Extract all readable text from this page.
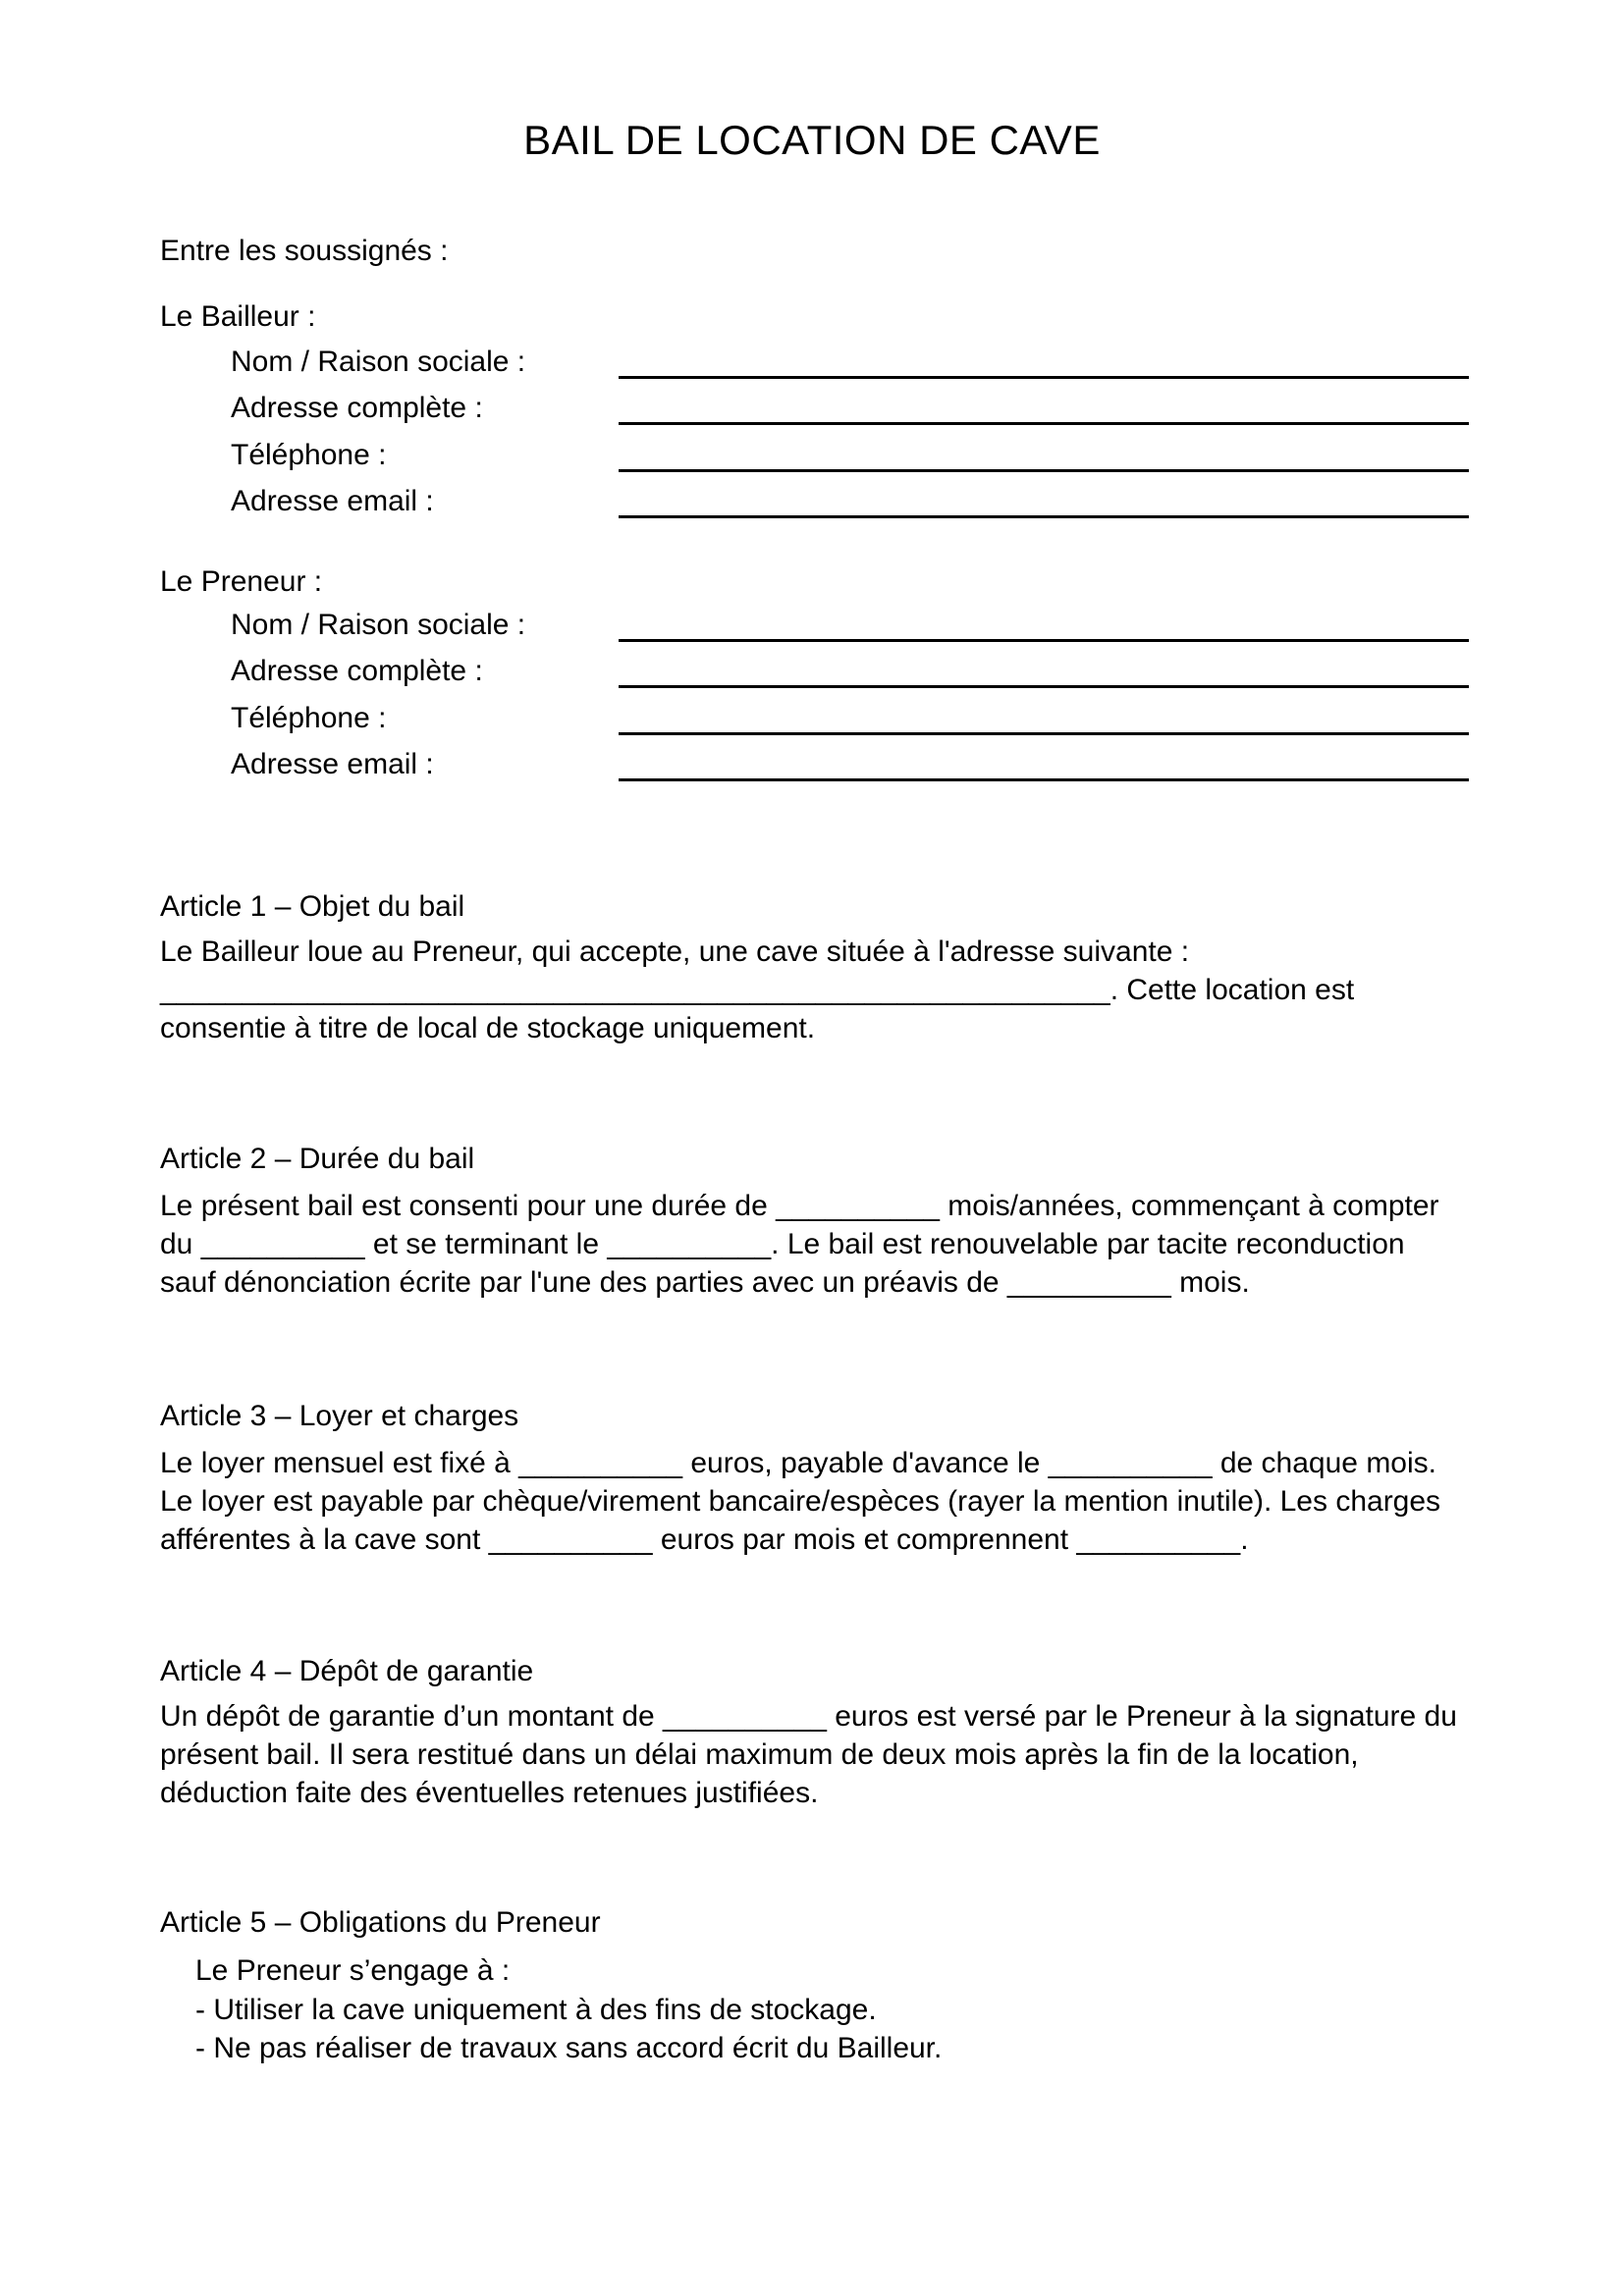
BAIL DE LOCATION DE CAVE

Entre les soussignés :

Le Bailleur :

Nom / Raison sociale :
Adresse complète :
Téléphone :
Adresse email :

Le Preneur :

Nom / Raison sociale :
Adresse complète :
Téléphone :
Adresse email :
Article 1 – Objet du bail

Le Bailleur loue au Preneur, qui accepte, une cave située à l'adresse suivante : __________________________________________________________. Cette location est consentie à titre de local de stockage uniquement.

Article 2 – Durée du bail

Le présent bail est consenti pour une durée de __________ mois/années, commençant à compter du __________ et se terminant le __________. Le bail est renouvelable par tacite reconduction sauf dénonciation écrite par l'une des parties avec un préavis de __________ mois.

Article 3 – Loyer et charges

Le loyer mensuel est fixé à __________ euros, payable d'avance le __________ de chaque mois. Le loyer est payable par chèque/virement bancaire/espèces (rayer la mention inutile). Les charges afférentes à la cave sont __________ euros par mois et comprennent __________.

Article 4 – Dépôt de garantie

Un dépôt de garantie d’un montant de __________ euros est versé par le Preneur à la signature du présent bail. Il sera restitué dans un délai maximum de deux mois après la fin de la location, déduction faite des éventuelles retenues justifiées.

Article 5 – Obligations du Preneur
Le Preneur s’engage à :
- Utiliser la cave uniquement à des fins de stockage.
- Ne pas réaliser de travaux sans accord écrit du Bailleur.
